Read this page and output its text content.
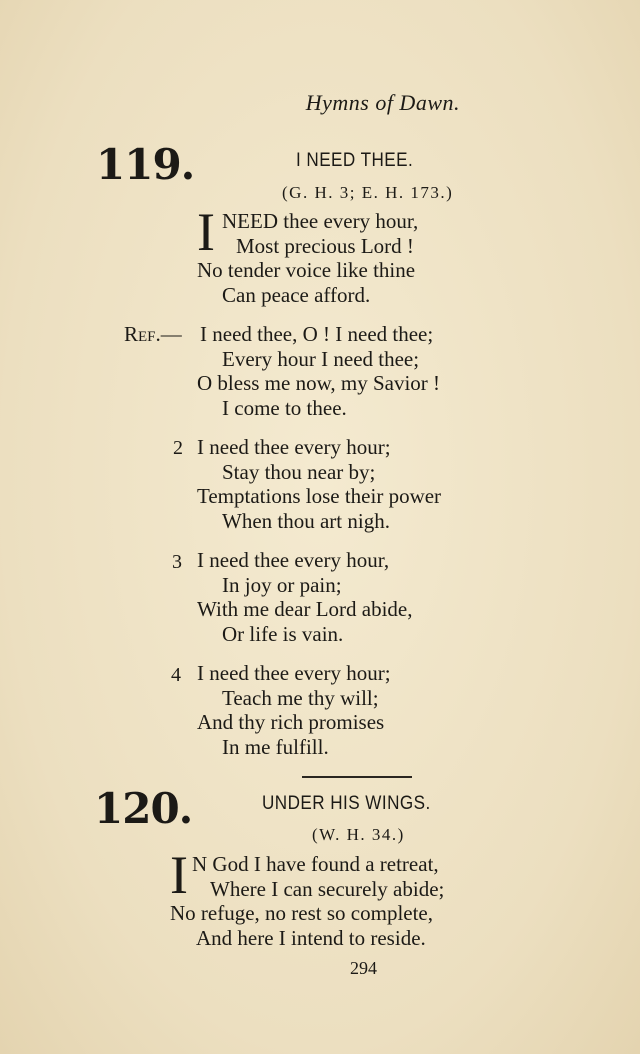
Hymns of Dawn.
119.	I NEED THEE.
(G. H. 3; E. H. 173.)
I NEED thee every hour,
Most precious Lord !
No tender voice like thine
Can peace afford.
Ref.— I need thee, O ! I need thee;
Every hour I need thee;
O bless me now, my Savior !
I come to thee.
2 I need thee every hour;
Stay thou near by;
Temptations lose their power
When thou art nigh.
3 I need thee every hour,
In joy or pain;
With me dear Lord abide,
Or life is vain.
4 I need thee every hour;
Teach me thy will;
And thy rich promises
In me fulfill.
120.	UNDER HIS WINGS.
(W. H. 34.)
I N God I have found a retreat,
Where I can securely abide;
No refuge, no rest so complete,
And here I intend to reside.
294
